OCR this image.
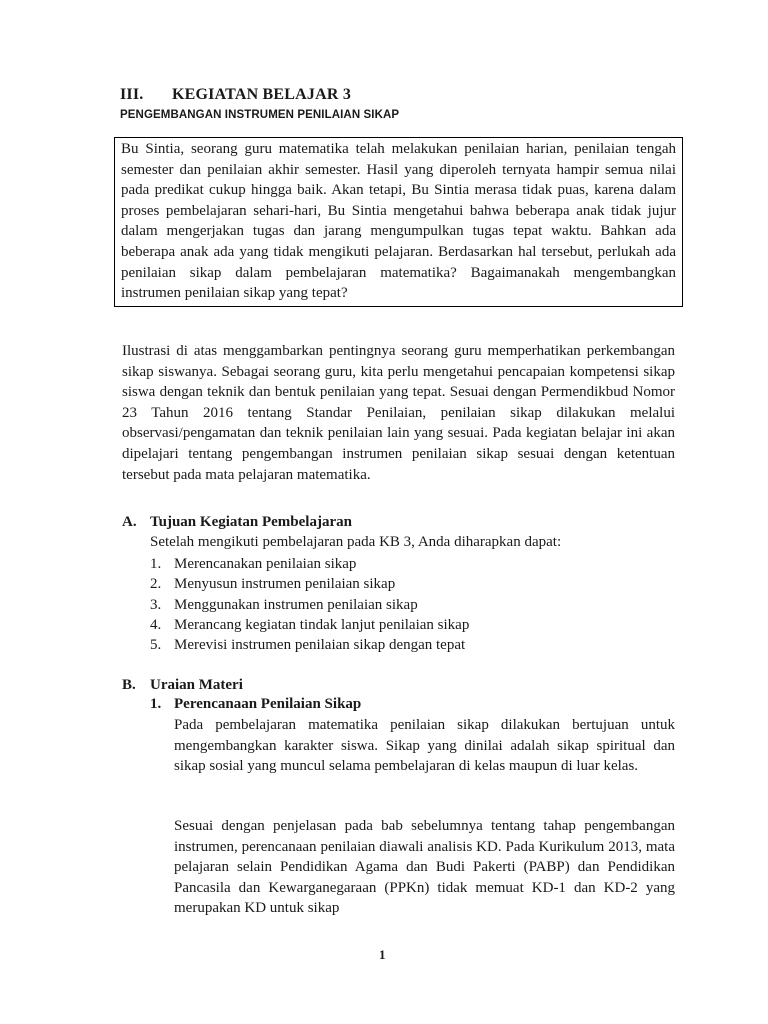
III. KEGIATAN BELAJAR 3
PENGEMBANGAN INSTRUMEN PENILAIAN SIKAP
Bu Sintia, seorang guru matematika telah melakukan penilaian harian, penilaian tengah semester dan penilaian akhir semester. Hasil yang diperoleh ternyata hampir semua nilai pada predikat cukup hingga baik. Akan tetapi, Bu Sintia merasa tidak puas, karena dalam proses pembelajaran sehari-hari, Bu Sintia mengetahui bahwa beberapa anak tidak jujur dalam mengerjakan tugas dan jarang mengumpulkan tugas tepat waktu. Bahkan ada beberapa anak ada yang tidak mengikuti pelajaran. Berdasarkan hal tersebut, perlukah ada penilaian sikap dalam pembelajaran matematika? Bagaimanakah mengembangkan instrumen penilaian sikap yang tepat?
Ilustrasi di atas menggambarkan pentingnya seorang guru memperhatikan perkembangan sikap siswanya. Sebagai seorang guru, kita perlu mengetahui pencapaian kompetensi sikap siswa dengan teknik dan bentuk penilaian yang tepat. Sesuai dengan Permendikbud Nomor 23 Tahun 2016 tentang Standar Penilaian, penilaian sikap dilakukan melalui observasi/pengamatan dan teknik penilaian lain yang sesuai. Pada kegiatan belajar ini akan dipelajari tentang pengembangan instrumen penilaian sikap sesuai dengan ketentuan tersebut pada mata pelajaran matematika.
A. Tujuan Kegiatan Pembelajaran
Setelah mengikuti pembelajaran pada KB 3, Anda diharapkan dapat:
1. Merencanakan penilaian sikap
2. Menyusun instrumen penilaian sikap
3. Menggunakan instrumen penilaian sikap
4. Merancang kegiatan tindak lanjut penilaian sikap
5. Merevisi instrumen penilaian sikap dengan tepat
B. Uraian Materi
1. Perencanaan Penilaian Sikap
Pada pembelajaran matematika penilaian sikap dilakukan bertujuan untuk mengembangkan karakter siswa. Sikap yang dinilai adalah sikap spiritual dan sikap sosial yang muncul selama pembelajaran di kelas maupun di luar kelas.
Sesuai dengan penjelasan pada bab sebelumnya tentang tahap pengembangan instrumen, perencanaan penilaian diawali analisis KD. Pada Kurikulum 2013, mata pelajaran selain Pendidikan Agama dan Budi Pakerti (PABP) dan Pendidikan Pancasila dan Kewarganegaraan (PPKn) tidak memuat KD-1 dan KD-2 yang merupakan KD untuk sikap
1
